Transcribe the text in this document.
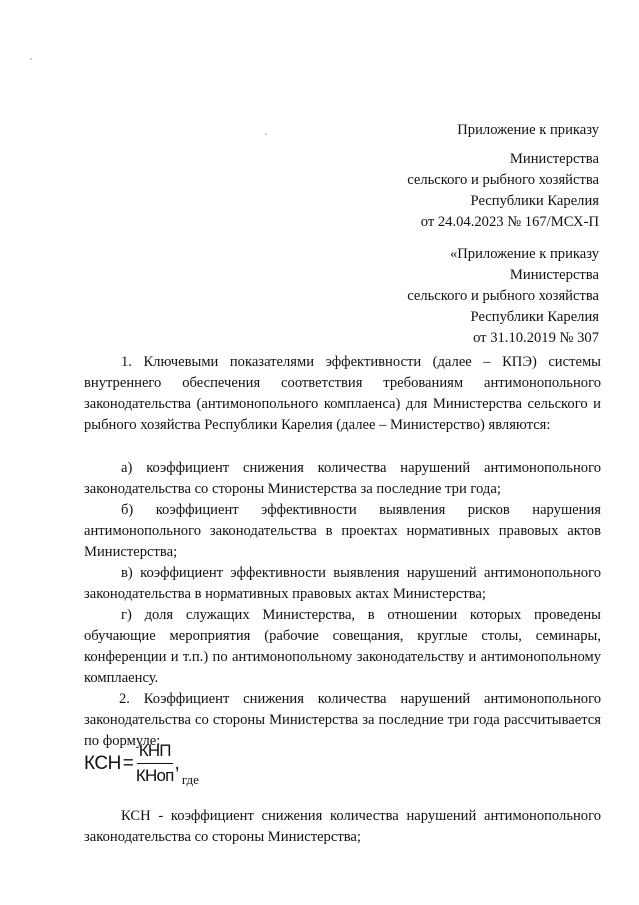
Приложение к приказу
Министерства
сельского и рыбного хозяйства
Республики Карелия
от 24.04.2023 № 167/МСХ-П
«Приложение к приказу
Министерства
сельского и рыбного хозяйства
Республики Карелия
от 31.10.2019 № 307

1. Ключевыми показателями эффективности (далее – КПЭ) системы внутреннего обеспечения соответствия требованиям антимонопольного законодательства (антимонопольного комплаенса) для Министерства сельского и рыбного хозяйства Республики Карелия (далее – Министерство) являются:

а) коэффициент снижения количества нарушений антимонопольного законодательства со стороны Министерства за последние три года;

б) коэффициент эффективности выявления рисков нарушения антимонопольного законодательства в проектах нормативных правовых актов Министерства;

в) коэффициент эффективности выявления нарушений антимонопольного законодательства в нормативных правовых актах Министерства;

г) доля служащих Министерства, в отношении которых проведены обучающие мероприятия (рабочие совещания, круглые столы, семинары, конференции и т.п.) по антимонопольному законодательству и антимонопольному комплаенсу.

2. Коэффициент снижения количества нарушений антимонопольного законодательства со стороны Министерства за последние три года рассчитывается по формуле:

КСН = $\frac{\text{КНП}}{\text{КНоп}}$ ,
где

КСН - коэффициент снижения количества нарушений антимонопольного законодательства со стороны Министерства;
